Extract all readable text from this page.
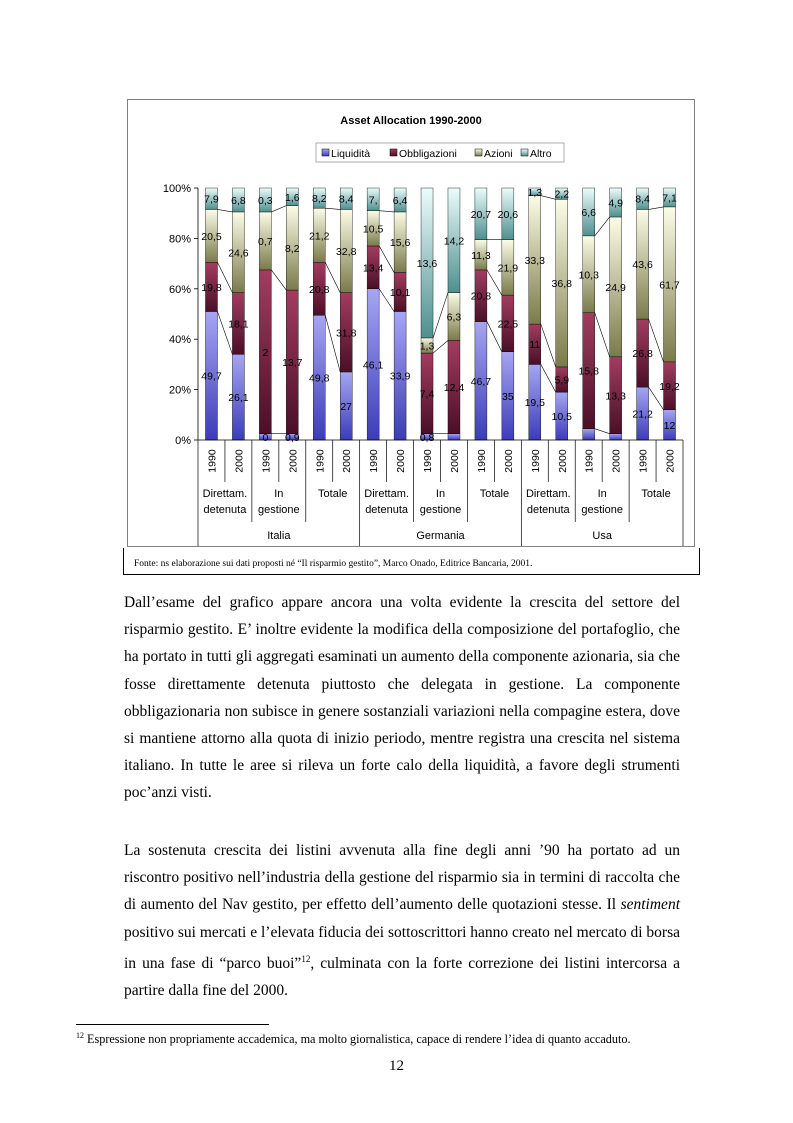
Asset Allocation 1990-2000
Liquidità	Obbligazioni	Azioni Altro
0%
20%
40%
60%
80%
100%
49,7
19,8
20,5
7,9
26,1
18,1
24,6
6,8
0
2
0,7
0,3
0,9
13,7
8,2
1,6
49,8
20,8
21,2
8,2
27
31,8
32,8
8,4
46,1
13,4
10,5
7,
33,9
10,1
15,6
6,4
0,8
7,4
1,3
13,6
12,4
6,3
14,2
46,7
20,8
11,3
20,7
35
22,5
21,9
20,6
19,5
11
33,3
1,3
10,5
5,9
36,8
2,2
15,8
10,3
6,6
13,3
24,9
4,9
21,2
26,8
43,6
8,4
12
19,2
61,7
7,1
1990 2000 1990 2000 1990 2000 1990 2000 1990 2000 1990 2000 1990 2000 1990 2000 1990 2000
Direttam.
detenuta
In
gestione
Totale Direttam.
detenuta
In
gestione
Totale Direttam.
detenuta
In
gestione
Totale
Italia	Germania	Usa
Fonte: ns elaborazione sui dati proposti né “Il risparmio gestito”, Marco Onado, Editrice Bancaria, 2001.

Dall’esame del grafico appare ancora una volta evidente la crescita del settore del risparmio gestito. E’ inoltre evidente la modifica della composizione del portafoglio, che ha portato in tutti gli aggregati esaminati un aumento della componente azionaria, sia che fosse direttamente detenuta piuttosto che delegata in gestione. La componente obbligazionaria non subisce in genere sostanziali variazioni nella compagine estera, dove si mantiene attorno alla quota di inizio periodo, mentre registra una crescita nel sistema italiano. In tutte le aree si rileva un forte calo della liquidità, a favore degli strumenti poc’anzi visti.

La sostenuta crescita dei listini avvenuta alla fine degli anni ’90 ha portato ad un riscontro positivo nell’industria della gestione del risparmio sia in termini di raccolta che di aumento del Nav gestito, per effetto dell’aumento delle quotazioni stesse. Il sentiment positivo sui mercati e l’elevata fiducia dei sottoscrittori hanno creato nel mercato di borsa in una fase di “parco buoi”$^{12}$, culminata con la forte correzione dei listini intercorsa a partire dalla fine del 2000.

$^{12}$ Espressione non propriamente accademica, ma molto giornalistica, capace di rendere l’idea di quanto accaduto.
12
